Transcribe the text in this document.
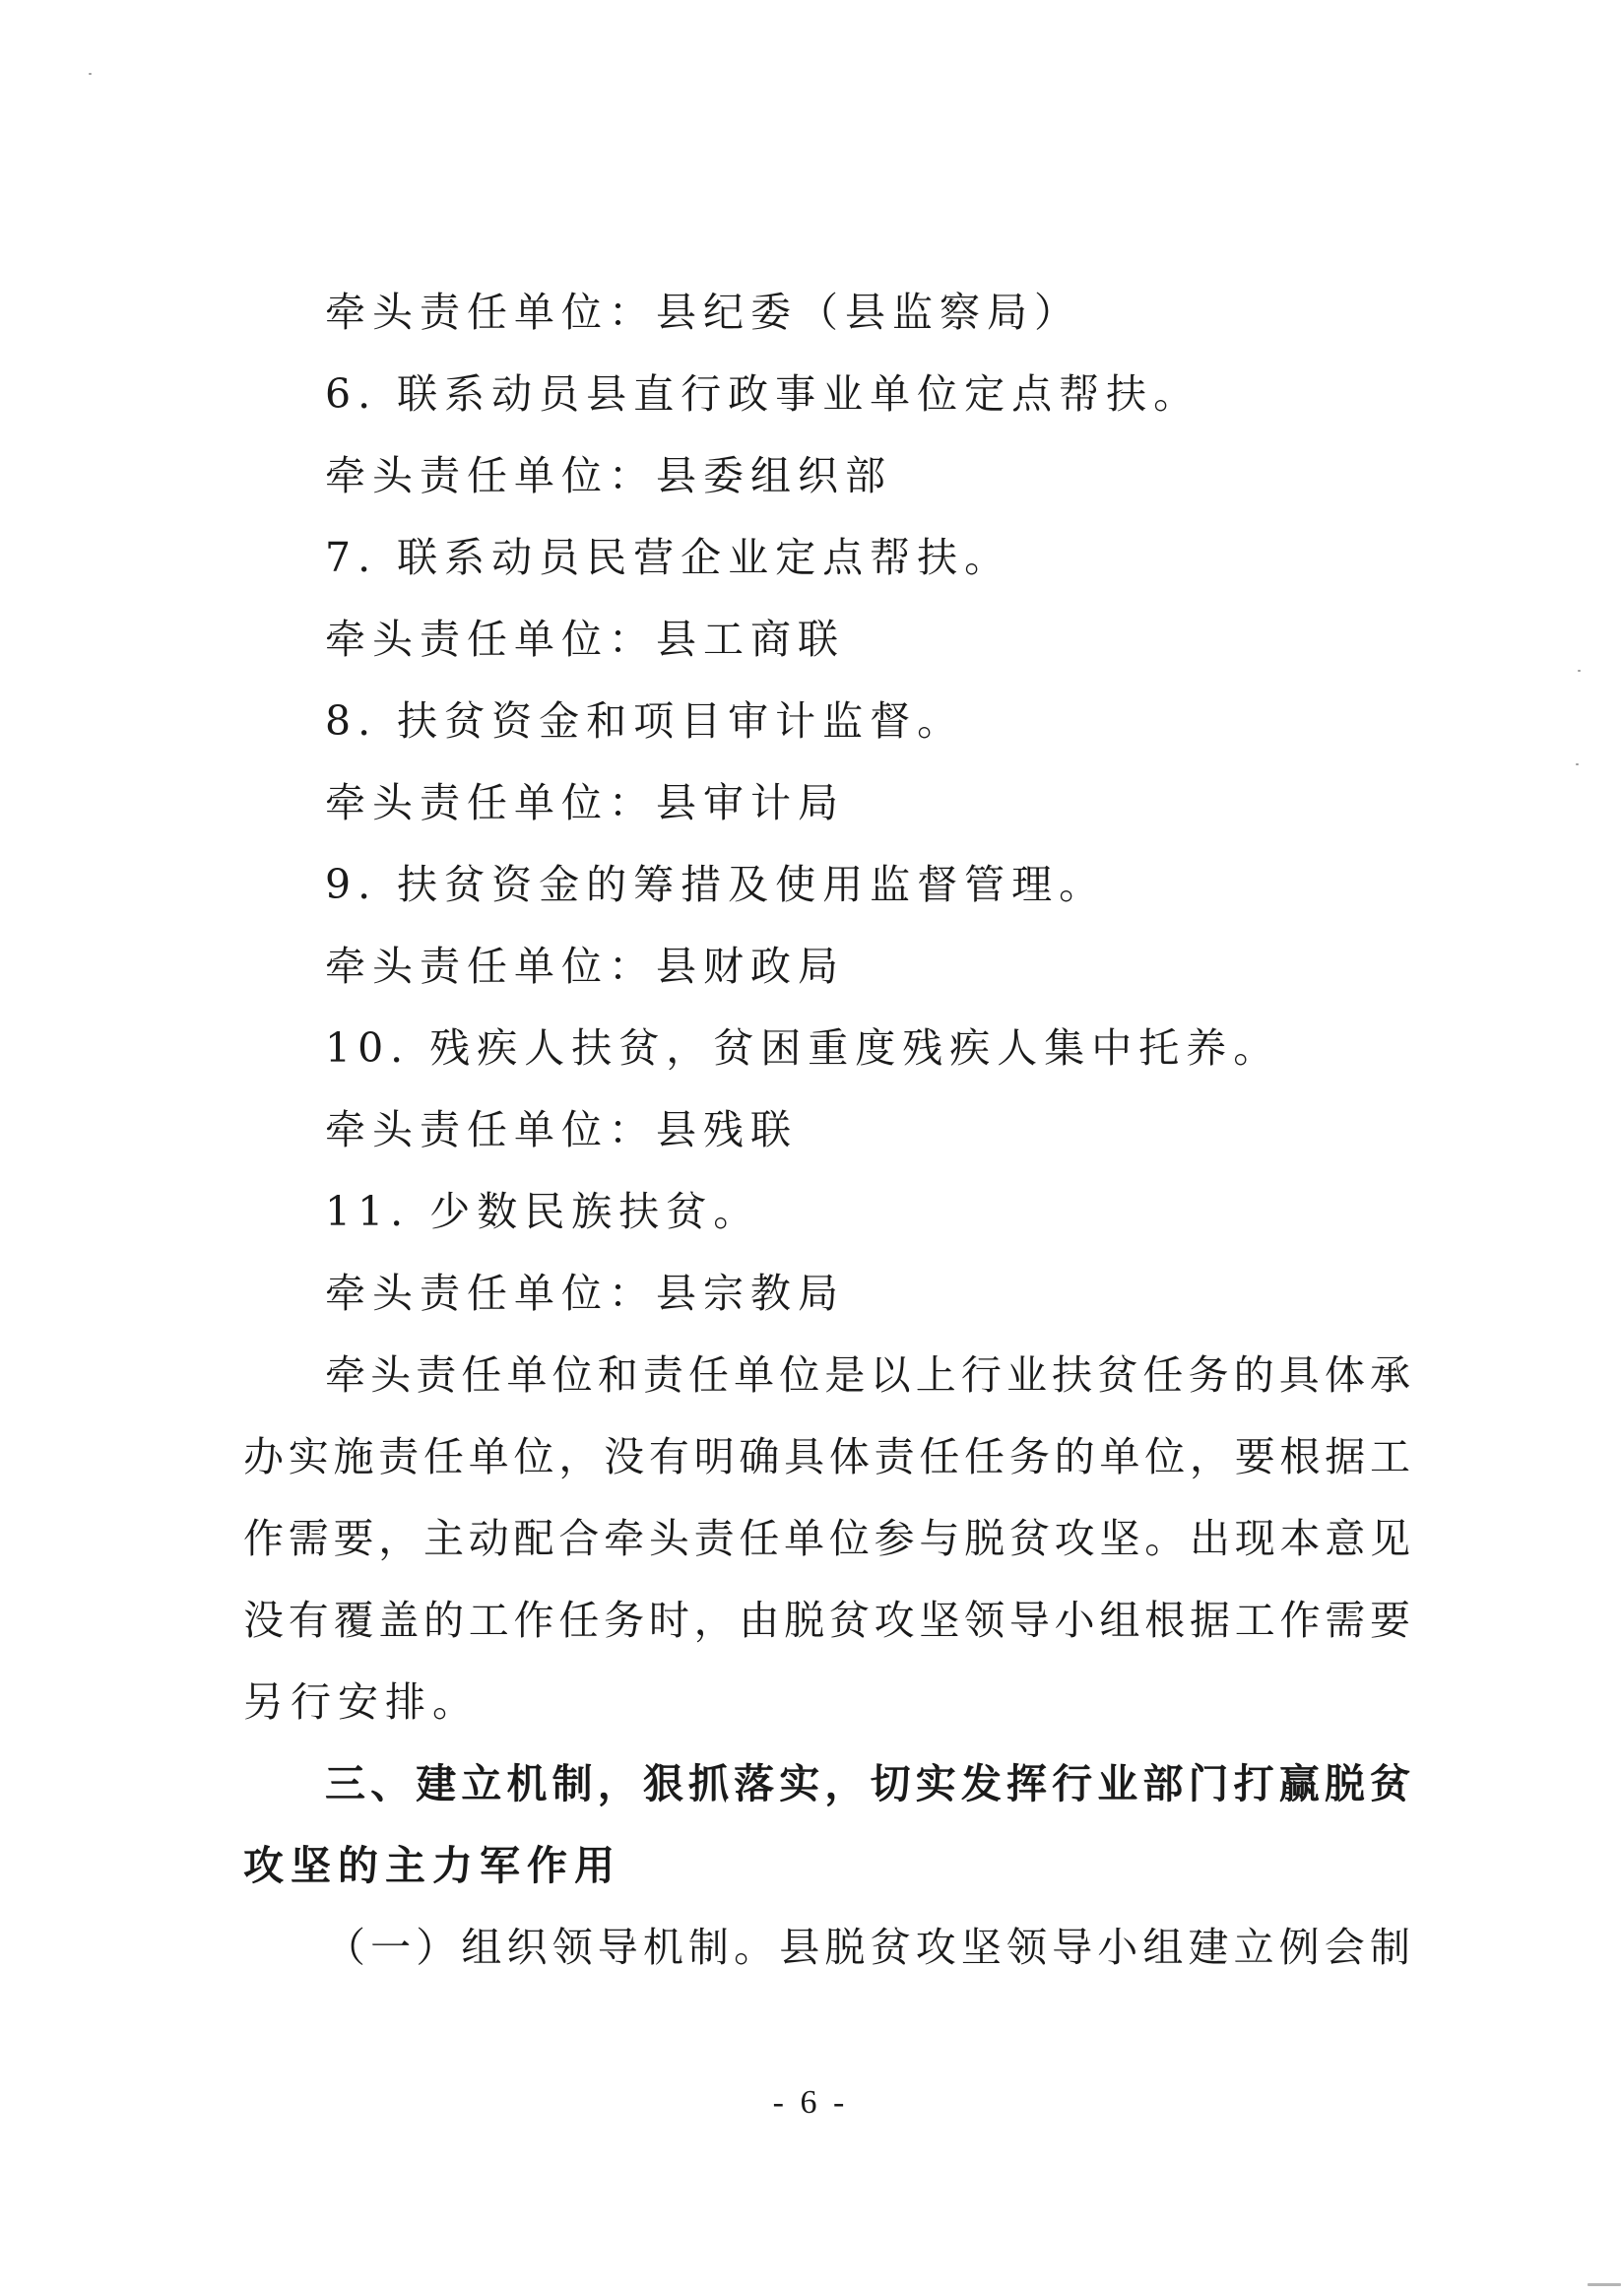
牵头责任单位：县纪委（县监察局）
6. 联系动员县直行政事业单位定点帮扶。
牵头责任单位：县委组织部
7. 联系动员民营企业定点帮扶。
牵头责任单位：县工商联
8. 扶贫资金和项目审计监督。
牵头责任单位：县审计局
9. 扶贫资金的筹措及使用监督管理。
牵头责任单位：县财政局
10. 残疾人扶贫，贫困重度残疾人集中托养。
牵头责任单位：县残联
11. 少数民族扶贫。
牵头责任单位：县宗教局
牵头责任单位和责任单位是以上行业扶贫任务的具体承
办实施责任单位，没有明确具体责任任务的单位，要根据工
作需要，主动配合牵头责任单位参与脱贫攻坚。出现本意见
没有覆盖的工作任务时，由脱贫攻坚领导小组根据工作需要
另行安排。
三、建立机制，狠抓落实，切实发挥行业部门打赢脱贫
攻坚的主力军作用
（一）组织领导机制。县脱贫攻坚领导小组建立例会制
- 6 -
